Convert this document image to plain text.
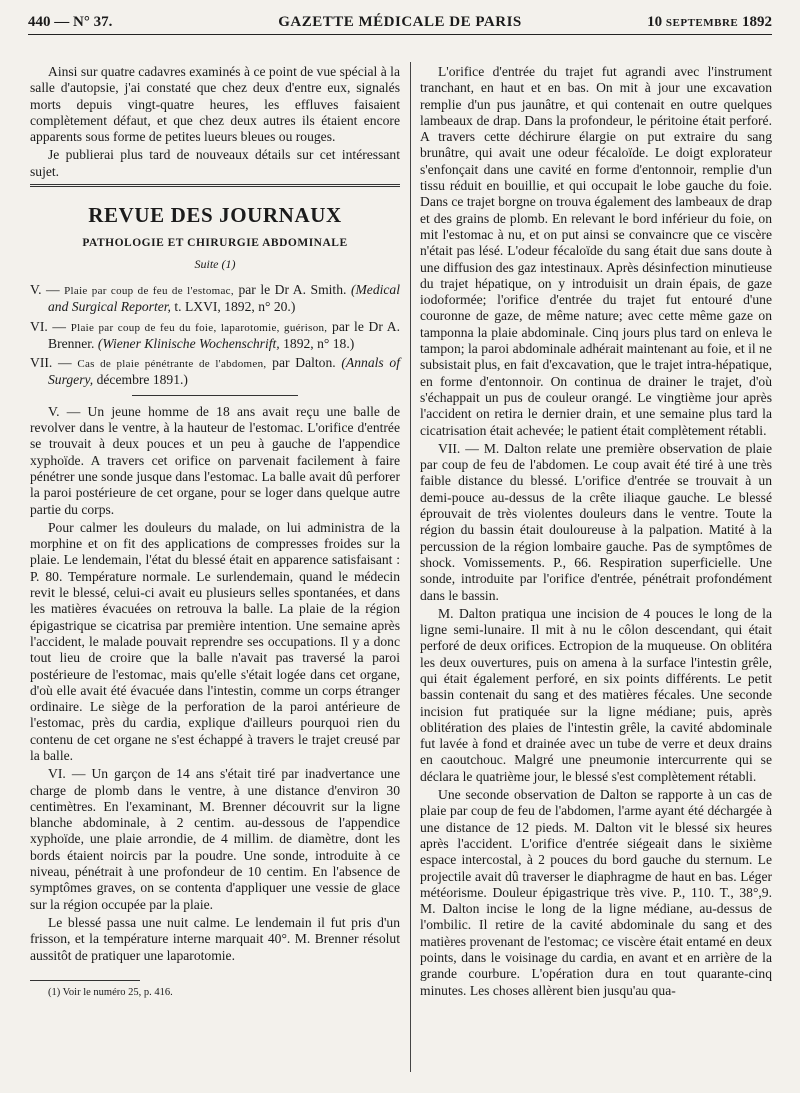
440 — N° 37.	GAZETTE MÉDICALE DE PARIS	10 SEPTEMBRE 1892

Ainsi sur quatre cadavres examinés à ce point de vue spécial à la salle d'autopsie, j'ai constaté que chez deux d'entre eux, signalés morts depuis vingt-quatre heures, les effluves faisaient complètement défaut, et que chez deux autres ils étaient encore apparents sous forme de petites lueurs bleues ou rouges.

Je publierai plus tard de nouveaux détails sur cet intéressant sujet.

REVUE DES JOURNAUX
PATHOLOGIE ET CHIRURGIE ABDOMINALE
Suite (1)
V. — Plaie par coup de feu de l'estomac, par le Dr A. Smith. (Medical and Surgical Reporter, t. LXVI, 1892, n° 20.)
VI. — Plaie par coup de feu du foie, laparotomie, guérison, par le Dr A. Brenner. (Wiener Klinische Wochenschrift, 1892, n° 18.)
VII. — Cas de plaie pénétrante de l'abdomen, par Dalton. (Annals of Surgery, décembre 1891.)

V. — Un jeune homme de 18 ans avait reçu une balle de revolver dans le ventre, à la hauteur de l'estomac. L'orifice d'entrée se trouvait à deux pouces et un peu à gauche de l'appendice xyphoïde. A travers cet orifice on parvenait facilement à faire pénétrer une sonde jusque dans l'estomac. La balle avait dû perforer la paroi postérieure de cet organe, pour se loger dans quelque autre partie du corps.

Pour calmer les douleurs du malade, on lui administra de la morphine et on fit des applications de compresses froides sur la plaie. Le lendemain, l'état du blessé était en apparence satisfaisant : P. 80. Température normale. Le surlendemain, quand le médecin revit le blessé, celui-ci avait eu plusieurs selles spontanées, et dans les matières évacuées on retrouva la balle. La plaie de la région épigastrique se cicatrisa par première intention. Une semaine après l'accident, le malade pouvait reprendre ses occupations. Il y a donc tout lieu de croire que la balle n'avait pas traversé la paroi postérieure de l'estomac, mais qu'elle s'était logée dans cet organe, d'où elle avait été évacuée dans l'intestin, comme un corps étranger ordinaire. Le siège de la perforation de la paroi antérieure de l'estomac, près du cardia, explique d'ailleurs pourquoi rien du contenu de cet organe ne s'est échappé à travers le trajet creusé par la balle.

VI. — Un garçon de 14 ans s'était tiré par inadvertance une charge de plomb dans le ventre, à une distance d'environ 30 centimètres. En l'examinant, M. Brenner découvrit sur la ligne blanche abdominale, à 2 centim. au-dessous de l'appendice xyphoïde, une plaie arrondie, de 4 millim. de diamètre, dont les bords étaient noircis par la poudre. Une sonde, introduite à ce niveau, pénétrait à une profondeur de 10 centim. En l'absence de symptômes graves, on se contenta d'appliquer une vessie de glace sur la région occupée par la plaie.

Le blessé passa une nuit calme. Le lendemain il fut pris d'un frisson, et la température interne marquait 40°. M. Brenner résolut aussitôt de pratiquer une laparotomie.

(1) Voir le numéro 25, p. 416.

L'orifice d'entrée du trajet fut agrandi avec l'instrument tranchant, en haut et en bas. On mit à jour une excavation remplie d'un pus jaunâtre, et qui contenait en outre quelques lambeaux de drap. Dans la profondeur, le péritoine était perforé. A travers cette déchirure élargie on put extraire du sang brunâtre, qui avait une odeur fécaloïde. Le doigt explorateur s'enfonçait dans une cavité en forme d'entonnoir, remplie d'un tissu réduit en bouillie, et qui occupait le lobe gauche du foie. Dans ce trajet borgne on trouva également des lambeaux de drap et des grains de plomb. En relevant le bord inférieur du foie, on mit l'estomac à nu, et on put ainsi se convaincre que ce viscère n'était pas lésé. L'odeur fécaloïde du sang était due sans doute à une diffusion des gaz intestinaux. Après désinfection minutieuse du trajet hépatique, on y introduisit un drain épais, de gaze iodoformée; l'orifice d'entrée du trajet fut entouré d'une couronne de gaze, de même nature; avec cette même gaze on tamponna la plaie abdominale. Cinq jours plus tard on enleva le tampon; la paroi abdominale adhérait maintenant au foie, et il ne subsistait plus, en fait d'excavation, que le trajet intra-hépatique, en forme d'entonnoir. On continua de drainer le trajet, d'où s'échappait un pus de couleur orangé. Le vingtième jour après l'accident on retira le dernier drain, et une semaine plus tard la cicatrisation était achevée; le patient était complètement rétabli.

VII. — M. Dalton relate une première observation de plaie par coup de feu de l'abdomen. Le coup avait été tiré à une très faible distance du blessé. L'orifice d'entrée se trouvait à un demi-pouce au-dessus de la crête iliaque gauche. Le blessé éprouvait de très violentes douleurs dans le ventre. Toute la région du bassin était douloureuse à la palpation. Matité à la percussion de la région lombaire gauche. Pas de symptômes de shock. Vomissements. P., 66. Respiration superficielle. Une sonde, introduite par l'orifice d'entrée, pénétrait profondément dans le bassin.

M. Dalton pratiqua une incision de 4 pouces le long de la ligne semi-lunaire. Il mit à nu le côlon descendant, qui était perforé de deux orifices. Ectropion de la muqueuse. On oblitéra les deux ouvertures, puis on amena à la surface l'intestin grêle, qui était également perforé, en six points différents. Le petit bassin contenait du sang et des matières fécales. Une seconde incision fut pratiquée sur la ligne médiane; puis, après oblitération des plaies de l'intestin grêle, la cavité abdominale fut lavée à fond et drainée avec un tube de verre et deux drains en caoutchouc. Malgré une pneumonie intercurrente qui se déclara le quatrième jour, le blessé s'est complètement rétabli.

Une seconde observation de Dalton se rapporte à un cas de plaie par coup de feu de l'abdomen, l'arme ayant été déchargée à une distance de 12 pieds. M. Dalton vit le blessé six heures après l'accident. L'orifice d'entrée siégeait dans le sixième espace intercostal, à 2 pouces du bord gauche du sternum. Le projectile avait dû traverser le diaphragme de haut en bas. Léger météorisme. Douleur épigastrique très vive. P., 110. T., 38°,9. M. Dalton incise le long de la ligne médiane, au-dessus de l'ombilic. Il retire de la cavité abdominale du sang et des matières provenant de l'estomac; ce viscère était entamé en deux points, dans le voisinage du cardia, en avant et en arrière de la grande courbure. L'opération dura en tout quarante-cinq minutes. Les choses allèrent bien jusqu'au qua-
